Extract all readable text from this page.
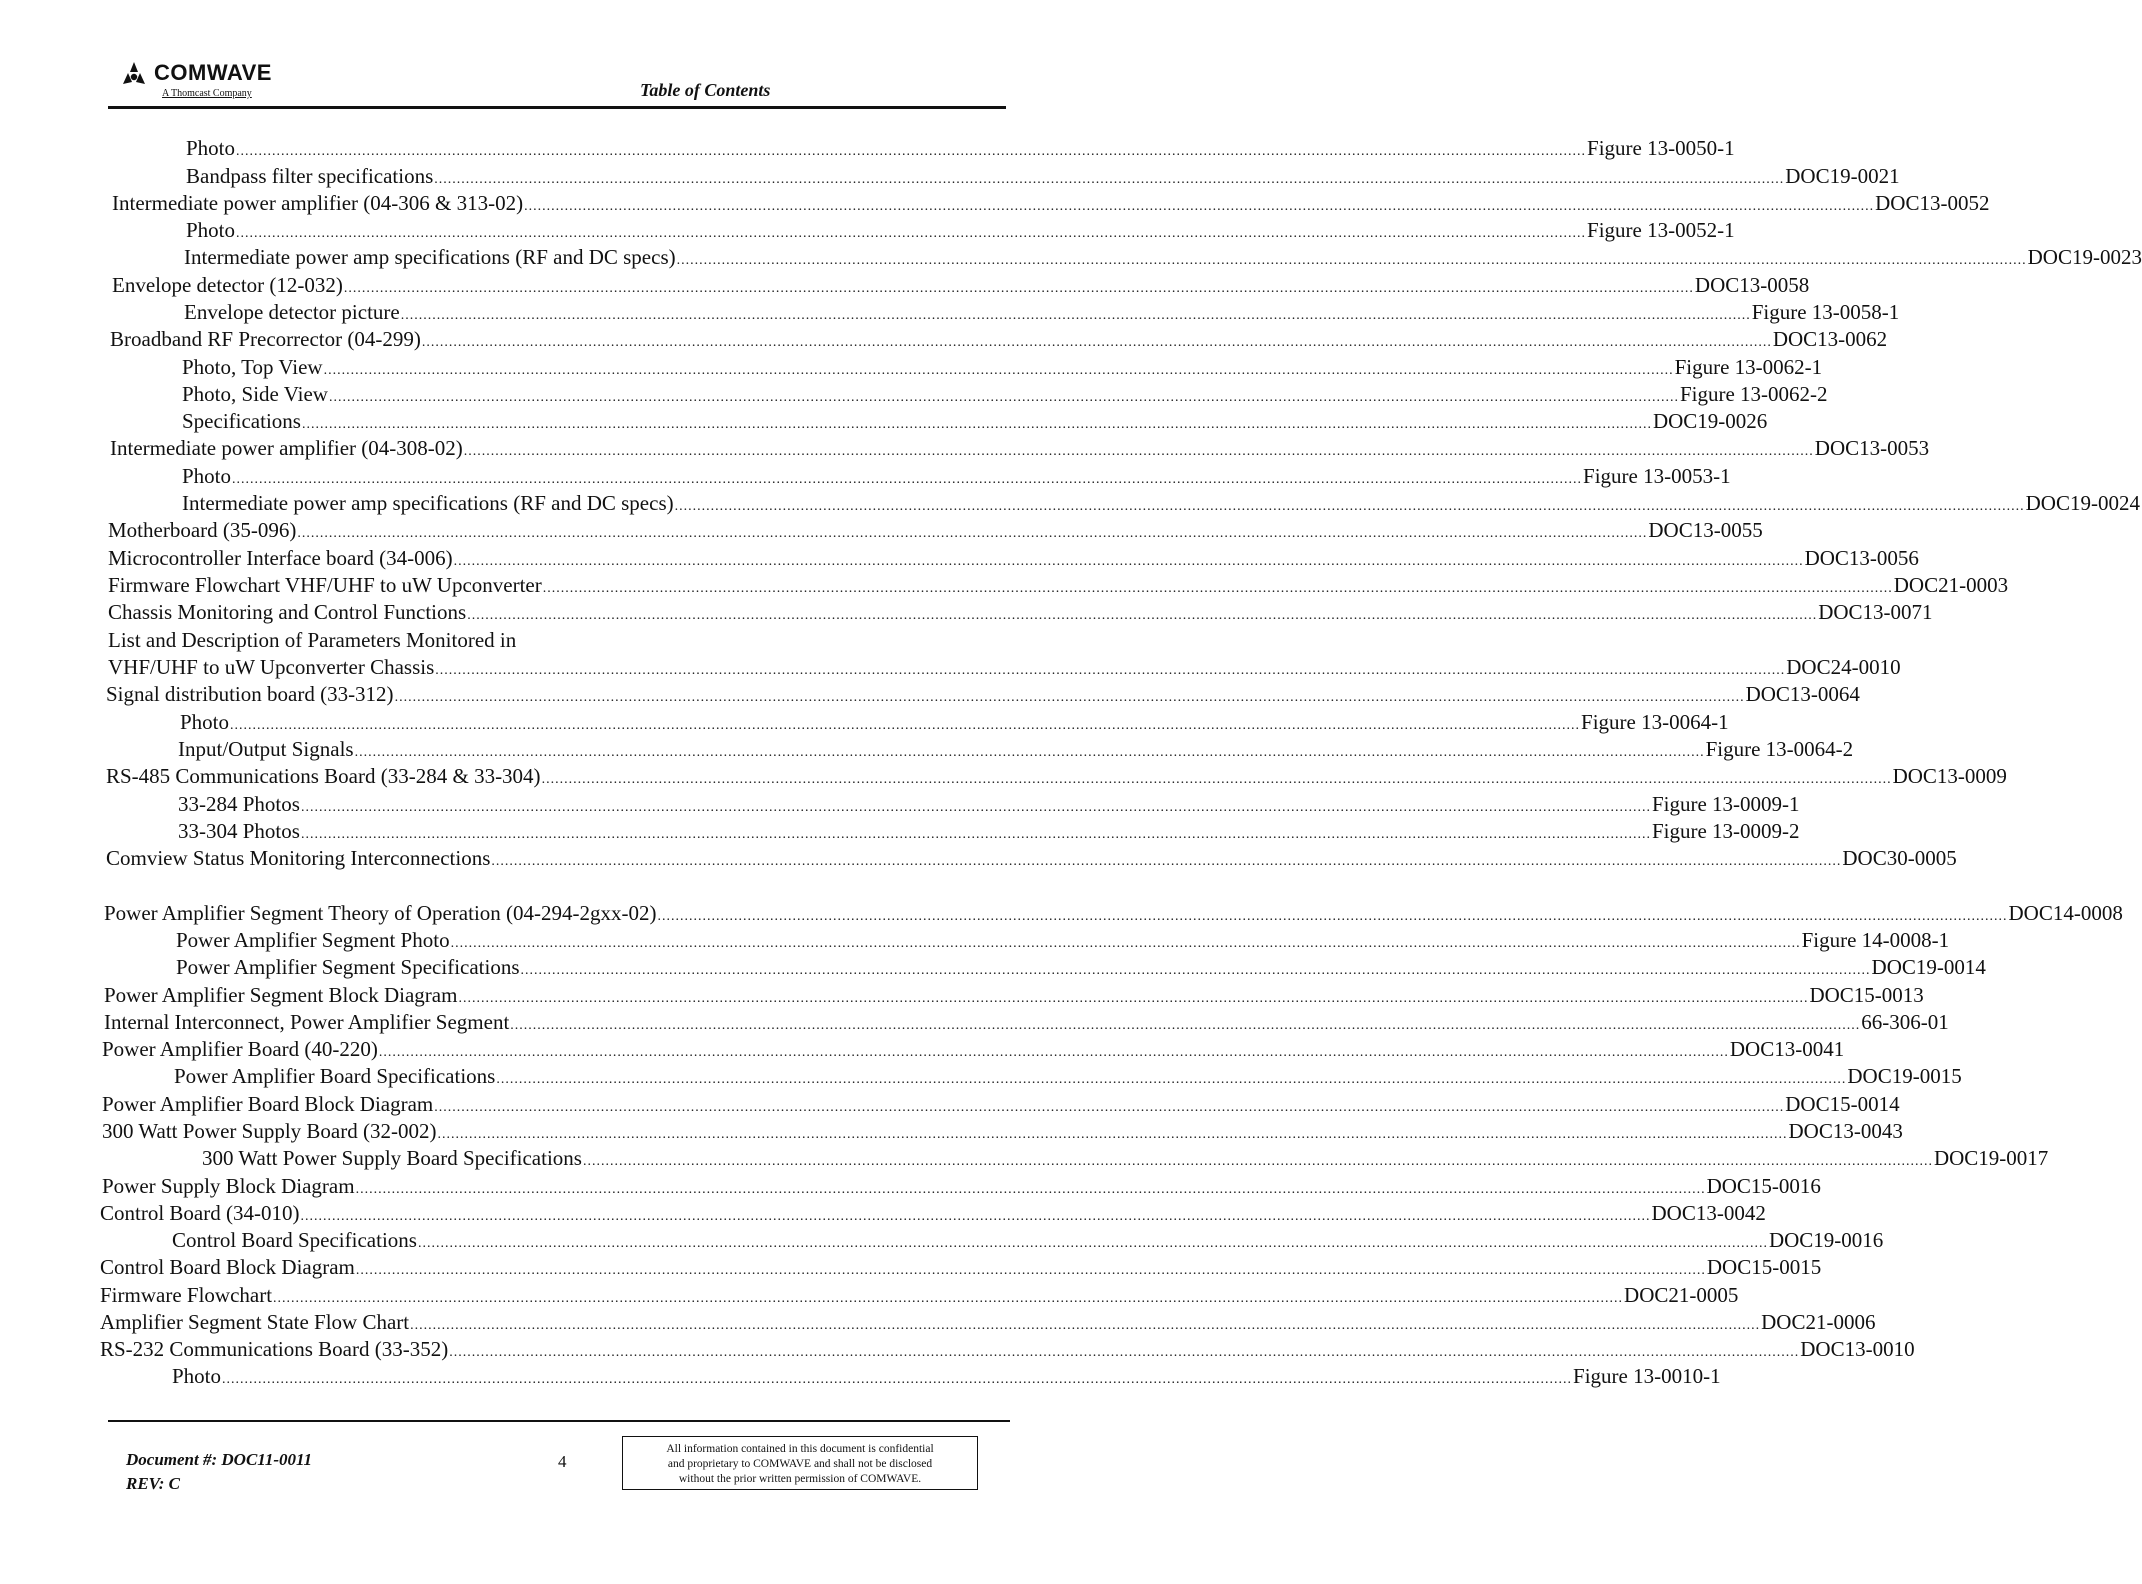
COMWAVE
A Thomcast Company	Table of Contents
Photo ............................................................................................................................................................................................................................................................................................................ Figure 13-0050-1
Bandpass filter specifications ............................................................................................................................................................................................................................................................................................................ DOC19-0021
Intermediate power amplifier (04-306 & 313-02) ............................................................................................................................................................................................................................................................................................................ DOC13-0052
Photo ............................................................................................................................................................................................................................................................................................................ Figure 13-0052-1
Intermediate power amp specifications (RF and DC specs) ............................................................................................................................................................................................................................................................................................................ DOC19-0023
Envelope detector (12-032) ............................................................................................................................................................................................................................................................................................................ DOC13-0058
Envelope detector picture ............................................................................................................................................................................................................................................................................................................ Figure 13-0058-1
Broadband RF Precorrector (04-299) ............................................................................................................................................................................................................................................................................................................ DOC13-0062
Photo, Top View ............................................................................................................................................................................................................................................................................................................ Figure 13-0062-1
Photo, Side View ............................................................................................................................................................................................................................................................................................................ Figure 13-0062-2
Specifications ............................................................................................................................................................................................................................................................................................................ DOC19-0026
Intermediate power amplifier (04-308-02) ............................................................................................................................................................................................................................................................................................................ DOC13-0053
Photo ............................................................................................................................................................................................................................................................................................................ Figure 13-0053-1
Intermediate power amp specifications (RF and DC specs) ............................................................................................................................................................................................................................................................................................................ DOC19-0024
Motherboard (35-096) ............................................................................................................................................................................................................................................................................................................ DOC13-0055
Microcontroller Interface board (34-006) ............................................................................................................................................................................................................................................................................................................ DOC13-0056
Firmware Flowchart VHF/UHF to uW Upconverter ............................................................................................................................................................................................................................................................................................................ DOC21-0003
Chassis Monitoring and Control Functions ............................................................................................................................................................................................................................................................................................................ DOC13-0071
List and Description of Parameters Monitored in
VHF/UHF to uW Upconverter Chassis ............................................................................................................................................................................................................................................................................................................ DOC24-0010
Signal distribution board (33-312) ............................................................................................................................................................................................................................................................................................................ DOC13-0064
Photo ............................................................................................................................................................................................................................................................................................................ Figure 13-0064-1
Input/Output Signals ............................................................................................................................................................................................................................................................................................................ Figure 13-0064-2
RS-485 Communications Board (33-284 & 33-304) ............................................................................................................................................................................................................................................................................................................ DOC13-0009
33-284 Photos ............................................................................................................................................................................................................................................................................................................ Figure 13-0009-1
33-304 Photos ............................................................................................................................................................................................................................................................................................................ Figure 13-0009-2
Comview Status Monitoring Interconnections ............................................................................................................................................................................................................................................................................................................ DOC30-0005
Power Amplifier Segment Theory of Operation (04-294-2gxx-02) ............................................................................................................................................................................................................................................................................................................ DOC14-0008
Power Amplifier Segment Photo ............................................................................................................................................................................................................................................................................................................ Figure 14-0008-1
Power Amplifier Segment Specifications ............................................................................................................................................................................................................................................................................................................ DOC19-0014
Power Amplifier Segment Block Diagram ............................................................................................................................................................................................................................................................................................................ DOC15-0013
Internal Interconnect, Power Amplifier Segment ............................................................................................................................................................................................................................................................................................................ 66-306-01
Power Amplifier Board (40-220) ............................................................................................................................................................................................................................................................................................................ DOC13-0041
Power Amplifier Board Specifications ............................................................................................................................................................................................................................................................................................................ DOC19-0015
Power Amplifier Board Block Diagram ............................................................................................................................................................................................................................................................................................................ DOC15-0014
300 Watt Power Supply Board (32-002) ............................................................................................................................................................................................................................................................................................................ DOC13-0043
300 Watt Power Supply Board Specifications ............................................................................................................................................................................................................................................................................................................ DOC19-0017
Power Supply Block Diagram ............................................................................................................................................................................................................................................................................................................ DOC15-0016
Control Board (34-010) ............................................................................................................................................................................................................................................................................................................ DOC13-0042
Control Board Specifications ............................................................................................................................................................................................................................................................................................................ DOC19-0016
Control Board Block Diagram ............................................................................................................................................................................................................................................................................................................ DOC15-0015
Firmware Flowchart ............................................................................................................................................................................................................................................................................................................ DOC21-0005
Amplifier Segment State Flow Chart ............................................................................................................................................................................................................................................................................................................ DOC21-0006
RS-232 Communications Board (33-352) ............................................................................................................................................................................................................................................................................................................ DOC13-0010
Photo ............................................................................................................................................................................................................................................................................................................ Figure 13-0010-1
Document #: DOC11-0011
REV: C
4
All information contained in this document is confidential
and proprietary to COMWAVE and shall not be disclosed
without the prior written permission of COMWAVE.
